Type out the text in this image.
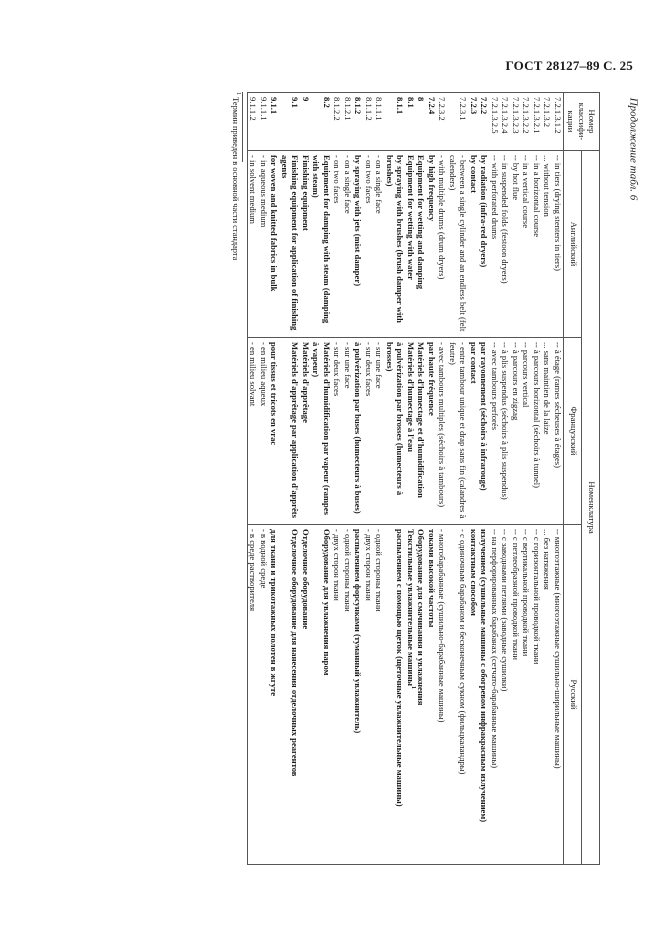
ГОСТ 28127–89 С. 25
Продолжение табл. 6
Номер классифи- кации	Номенклатура		
	Английский	Французский	Русский
7.2.1.3.1.2	-- in tiers (drying stenters in tiers)	-- à étage (rames sécheuses à étages)	-- многоэтажные (многоэтажные сушильно-ширильные машины)
7.2.1.3.2	... without tension	... sans maintien de la laize	... без натяжения
7.2.1.3.2.1	-- in a horizontal course	-- à parcours horizontal (séchoirs à tunnel)	-- с горизонтальной проводкой ткани
7.2.1.3.2.2	-- in a vertical course	-- parcours vertical	-- с вертикальной проводкой ткани
7.2.1.3.2.3	-- by hot flue	-- à parcours en zigzag	-- с петлеобразной проводкой ткани
7.2.1.3.2.4	-- in suspended folds (festoon dryers)	-- à plis suspendus (séchoirs à plis suspendus)	-- с заводными петлями (заводные сушилки)
7.2.1.3.2.5	-- with perforated drums	-- avec tambours perforés	-- на перфорированных барабанах (сетчато-барабанные машины)
7.2.2	by radiation (infra-red dryers)	par rayonnement (séchoirs à infrarouge)	излучением (сушильные машины с обогревом инфракрасным излучением)
7.2.3	by contact	par contact	контактным способом
7.2.3.1	- between a single cylinder and an endless belt (felt calenders)	- entre tambour unique et drap sans fin (calandres à feutre)	- с одиночным барабаном и бесконечным сукном (фильцкаландры)
7.2.3.2	- with multiple drums (drum dryers)	- avec tambours multiples (séchoirs à tambours)	- многобарабанные (сушильно-барабанные машины)
7.2.4	by high frequency	par haute fréquence	токами высокой частоты
8	Equipment for wetting and damping	Matériels d'humectage et d'humidification	Оборудование для смачивания и увлажнения
8.1	Equipment for wetting with water	Matériels d'humectage à l'eau	Текстильные увлажнительные машины$^1$
8.1.1	by spraying with brushes (brush damper with brushes)	à pulvérization par brosses (humecteurs à brosses)	распылением с помощью щеток (щеточные увлажнительные машины)
8.1.1.1	- on a single face	- sur une face	- одной стороны ткани
8.1.1.2	- on two faces	- sur deux faces	- двух сторон ткани
8.1.2	by spraying with jets (mist damper)	à pulvérization par buses (humecteurs à buses)	распылением форсунками (туманный увлажнитель)
8.1.2.1	- on a single face	- sur une face	- одной стороны ткани
8.1.2.2	- on two faces	- sur deux faces	- двух сторон ткани
8.2	Equipment for damping with steam (damping with steam)	Matériels d'humidification par vapeur (rampes à vapeur)	Оборудование для увлажнения паром
9	Finishing equipment	Matériels d'apprêtage	Отделочное оборудование
9.1	Finishing equipment for application of finishing agents	Matériels d'apprêtage par application d'apprêts	Отделочное оборудование для нанесения отделочных реагентов
9.1.1	for woven and knitted fabrics in bulk	pour tissus et tricots en vrac	для ткани и трикотажных полотен в жгуте
9.1.1.1	- in aqueous medium	- en milieu aqueux	- в водной среде
9.1.1.2	- in solvent medium	- en milieu solvant	- в среде растворителя
$^1$ Термин приведен в основной части стандарта
